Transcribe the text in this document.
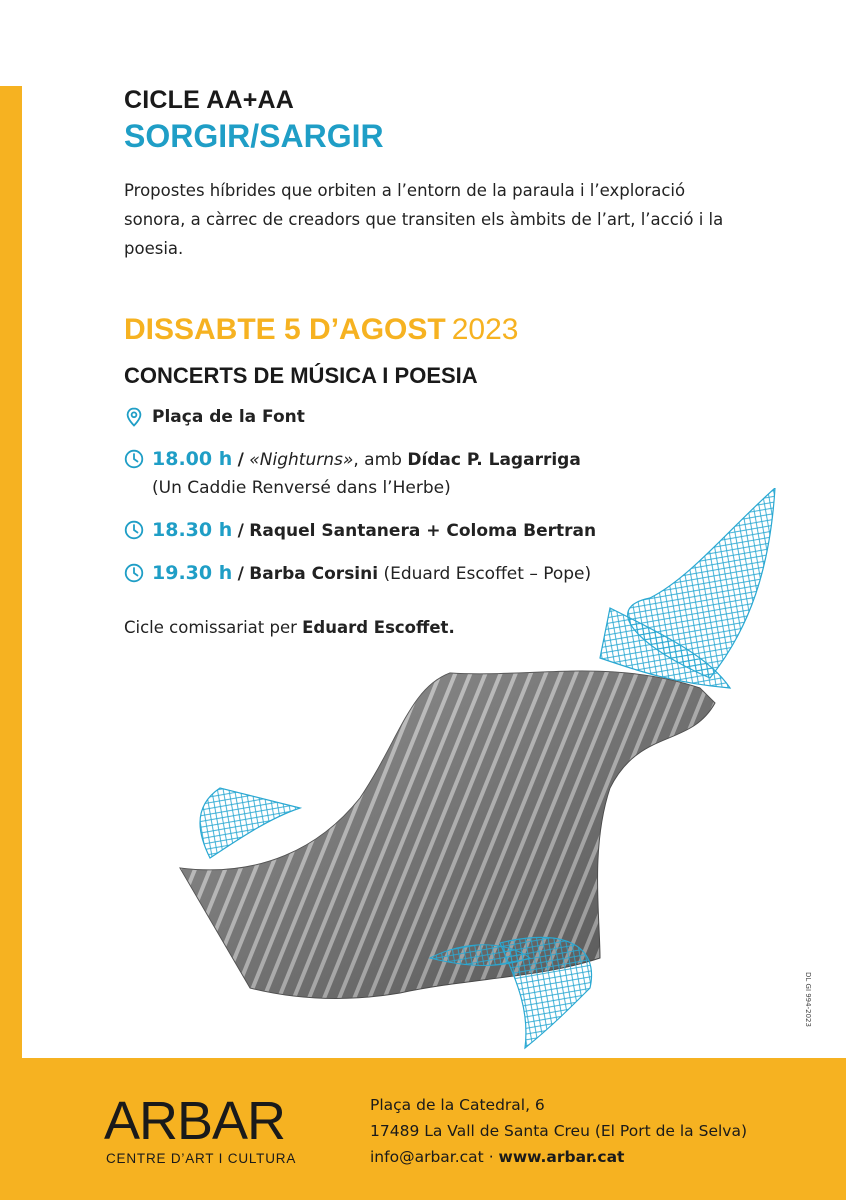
CICLE AA+AA
SORGIR/SARGIR

Propostes híbrides que orbiten a l’entorn de la paraula i l’exploració sonora, a càrrec de creadors que transiten els àmbits de l’art, l’acció i la poesia.

DISSABTE 5 D’AGOST 2023
CONCERTS DE MÚSICA I POESIA
Plaça de la Font
18.00 h / «Nighturns», amb Dídac P. Lagarriga
(Un Caddie Renversé dans l’Herbe)
18.30 h / Raquel Santanera + Coloma Bertran
19.30 h / Barba Corsini (Eduard Escoffet – Pope)
Cicle comissariat per Eduard Escoffet.
DL GI 994-2023
ARBAR
CENTRE D’ART I CULTURA
Plaça de la Catedral, 6
17489 La Vall de Santa Creu (El Port de la Selva)
info@arbar.cat · www.arbar.cat
